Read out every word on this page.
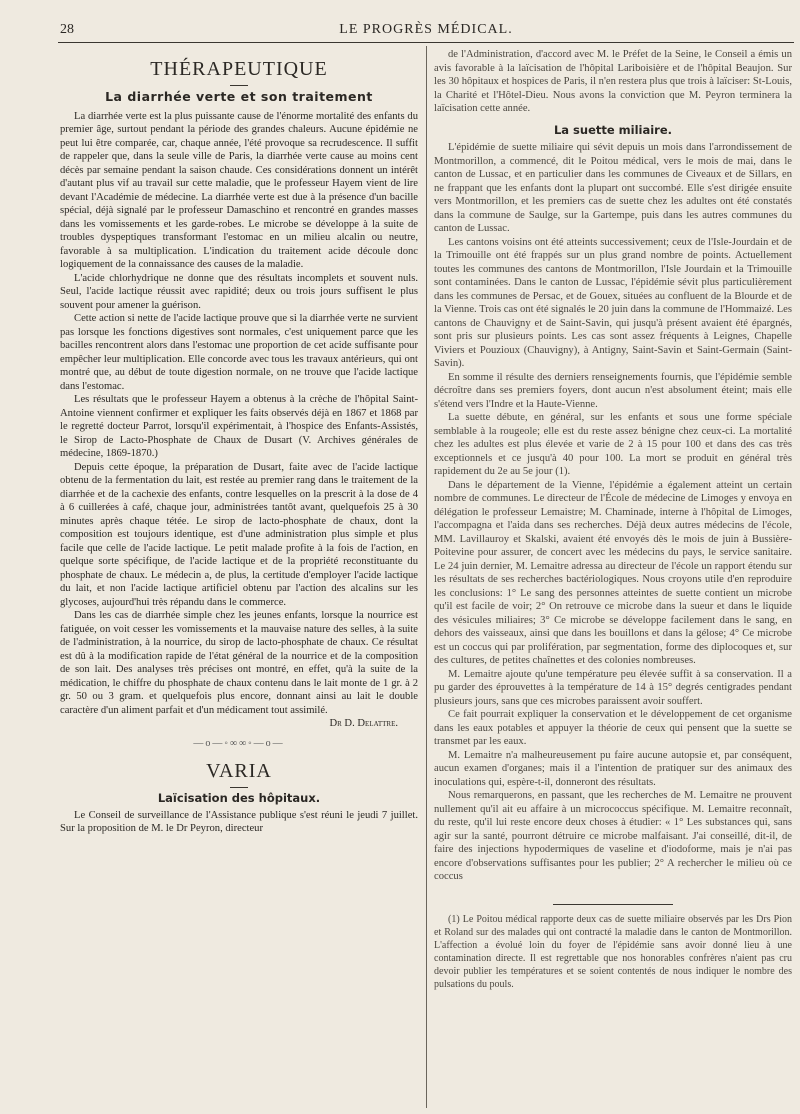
28	LE PROGRÈS MÉDICAL.
THÉRAPEUTIQUE
La diarrhée verte et son traitement

La diarrhée verte est la plus puissante cause de l'énorme mortalité des enfants du premier âge, surtout pendant la période des grandes chaleurs. Aucune épidémie ne peut lui être comparée, car, chaque année, l'été provoque sa recrudescence. Il suffit de rappeler que, dans la seule ville de Paris, la diarrhée verte cause au moins cent décès par semaine pendant la saison chaude. Ces considérations donnent un intérêt d'autant plus vif au travail sur cette maladie, que le professeur Hayem vient de lire devant l'Académie de médecine. La diarrhée verte est due à la présence d'un bacille spécial, déjà signalé par le professeur Damaschino et rencontré en grandes masses dans les vomissements et les garde-robes. Le microbe se développe à la suite de troubles dyspeptiques transformant l'estomac en un milieu alcalin ou neutre, favorable à sa multiplication. L'indication du traitement acide découle donc logiquement de la connaissance des causes de la maladie.

L'acide chlorhydrique ne donne que des résultats incomplets et souvent nuls. Seul, l'acide lactique réussit avec rapidité; deux ou trois jours suffisent le plus souvent pour amener la guérison.

Cette action si nette de l'acide lactique prouve que si la diarrhée verte ne survient pas lorsque les fonctions digestives sont normales, c'est uniquement parce que les bacilles rencontrent alors dans l'estomac une proportion de cet acide suffisante pour empêcher leur multiplication. Elle concorde avec tous les travaux antérieurs, qui ont montré que, au début de toute digestion normale, on ne trouve que l'acide lactique dans l'estomac.

Les résultats que le professeur Hayem a obtenus à la crèche de l'hôpital Saint-Antoine viennent confirmer et expliquer les faits observés déjà en 1867 et 1868 par le regretté docteur Parrot, lorsqu'il expérimentait, à l'hospice des Enfants-Assistés, le Sirop de Lacto-Phosphate de Chaux de Dusart (V. Archives générales de médecine, 1869-1870.)

Depuis cette époque, la préparation de Dusart, faite avec de l'acide lactique obtenu de la fermentation du lait, est restée au premier rang dans le traitement de la diarrhée et de la cachexie des enfants, contre lesquelles on la prescrit à la dose de 4 à 6 cuillerées à café, chaque jour, administrées tantôt avant, quelquefois 25 à 30 minutes après chaque tétée. Le sirop de lacto-phosphate de chaux, dont la composition est toujours identique, est d'une administration plus simple et plus facile que celle de l'acide lactique. Le petit malade profite à la fois de l'action, en quelque sorte spécifique, de l'acide lactique et de la propriété reconstituante du phosphate de chaux. Le médecin a, de plus, la certitude d'employer l'acide lactique du lait, et non l'acide lactique artificiel obtenu par l'action des alcalins sur les glycoses, aujourd'hui très répandu dans le commerce.

Dans les cas de diarrhée simple chez les jeunes enfants, lorsque la nourrice est fatiguée, on voit cesser les vomissements et la mauvaise nature des selles, à la suite de l'administration, à la nourrice, du sirop de lacto-phosphate de chaux. Ce résultat est dû à la modification rapide de l'état général de la nourrice et de la composition de son lait. Des analyses très précises ont montré, en effet, qu'à la suite de la médication, le chiffre du phosphate de chaux contenu dans le lait monte de 1 gr. à 2 gr. 50 ou 3 gram. et quelquefois plus encore, donnant ainsi au lait le double caractère d'un aliment parfait et d'un médicament tout assimilé.

Dr D. Delattre.
—o—◦∞∞◦—o—
VARIA
Laïcisation des hôpitaux.

Le Conseil de surveillance de l'Assistance publique s'est réuni le jeudi 7 juillet. Sur la proposition de M. le Dr Peyron, directeur

de l'Administration, d'accord avec M. le Préfet de la Seine, le Conseil a émis un avis favorable à la laïcisation de l'hôpital Lariboisière et de l'hôpital Beaujon. Sur les 30 hôpitaux et hospices de Paris, il n'en restera plus que trois à laïciser: St-Louis, la Charité et l'Hôtel-Dieu. Nous avons la conviction que M. Peyron terminera la laïcisation cette année.

La suette miliaire.

L'épidémie de suette miliaire qui sévit depuis un mois dans l'arrondissement de Montmorillon, a commencé, dit le Poitou médical, vers le mois de mai, dans le canton de Lussac, et en particulier dans les communes de Civeaux et de Sillars, en ne frappant que les enfants dont la plupart ont succombé. Elle s'est dirigée ensuite vers Montmorillon, et les premiers cas de suette chez les adultes ont été constatés dans la commune de Saulge, sur la Gartempe, puis dans les autres communes du canton de Lussac.

Les cantons voisins ont été atteints successivement; ceux de l'Isle-Jourdain et de la Trimouille ont été frappés sur un plus grand nombre de points. Actuellement toutes les communes des cantons de Montmorillon, l'Isle Jourdain et la Trimouille sont contaminées. Dans le canton de Lussac, l'épidémie sévit plus particulièrement dans les communes de Persac, et de Gouex, situées au confluent de la Blourde et de la Vienne. Trois cas ont été signalés le 20 juin dans la commune de l'Hommaizé. Les cantons de Chauvigny et de Saint-Savin, qui jusqu'à présent avaient été épargnés, sont pris sur plusieurs points. Les cas sont assez fréquents à Leignes, Chapelle Viviers et Pouzioux (Chauvigny), à Antigny, Saint-Savin et Saint-Germain (Saint-Savin).

En somme il résulte des derniers renseignements fournis, que l'épidémie semble décroître dans ses premiers foyers, dont aucun n'est absolument éteint; mais elle s'étend vers l'Indre et la Haute-Vienne.

La suette débute, en général, sur les enfants et sous une forme spéciale semblable à la rougeole; elle est du reste assez bénigne chez ceux-ci. La mortalité chez les adultes est plus élevée et varie de 2 à 15 pour 100 et dans des cas très exceptionnels et ce jusqu'à 40 pour 100. La mort se produit en général très rapidement du 2e au 5e jour (1).

Dans le département de la Vienne, l'épidémie a également atteint un certain nombre de communes. Le directeur de l'École de médecine de Limoges y envoya en délégation le professeur Lemaistre; M. Chaminade, interne à l'hôpital de Limoges, l'accompagna et l'aida dans ses recherches. Déjà deux autres médecins de l'école, MM. Lavillauroy et Skalski, avaient été envoyés dès le mois de juin à Bussière-Poitevine pour assurer, de concert avec les médecins du pays, le service sanitaire. Le 24 juin dernier, M. Lemaitre adressa au directeur de l'école un rapport étendu sur les résultats de ses recherches bactériologiques. Nous croyons utile d'en reproduire les conclusions: 1° Le sang des personnes atteintes de suette contient un microbe qu'il est facile de voir; 2° On retrouve ce microbe dans la sueur et dans le liquide des vésicules miliaires; 3° Ce microbe se développe facilement dans le sang, en dehors des vaisseaux, ainsi que dans les bouillons et dans la gélose; 4° Ce microbe est un coccus qui par prolifération, par segmentation, forme des diplocoques et, sur des cultures, de petites chaînettes et des colonies nombreuses.

M. Lemaitre ajoute qu'une température peu élevée suffit à sa conservation. Il a pu garder des éprouvettes à la température de 14 à 15° degrés centigrades pendant plusieurs jours, sans que ces microbes paraissent avoir souffert.

Ce fait pourrait expliquer la conservation et le développement de cet organisme dans les eaux potables et appuyer la théorie de ceux qui pensent que la suette se transmet par les eaux.

M. Lemaitre n'a malheureusement pu faire aucune autopsie et, par conséquent, aucun examen d'organes; mais il a l'intention de pratiquer sur des animaux des inoculations qui, espère-t-il, donneront des résultats.

Nous remarquerons, en passant, que les recherches de M. Lemaitre ne prouvent nullement qu'il ait eu affaire à un micrococcus spécifique. M. Lemaitre reconnaît, du reste, qu'il lui reste encore deux choses à étudier: « 1° Les substances qui, sans agir sur la santé, pourront détruire ce microbe malfaisant. J'ai conseillé, dit-il, de faire des injections hypodermiques de vaseline et d'iodoforme, mais je n'ai pas encore d'observations suffisantes pour les publier; 2° A rechercher le milieu où ce coccus

(1) Le Poitou médical rapporte deux cas de suette miliaire observés par les Drs Pion et Roland sur des malades qui ont contracté la maladie dans le canton de Montmorillon. L'affection a évolué loin du foyer de l'épidémie sans avoir donné lieu à une contamination directe. Il est regrettable que nos honorables confrères n'aient pas cru devoir publier les températures et se soient contentés de nous indiquer le nombre des pulsations du pouls.
